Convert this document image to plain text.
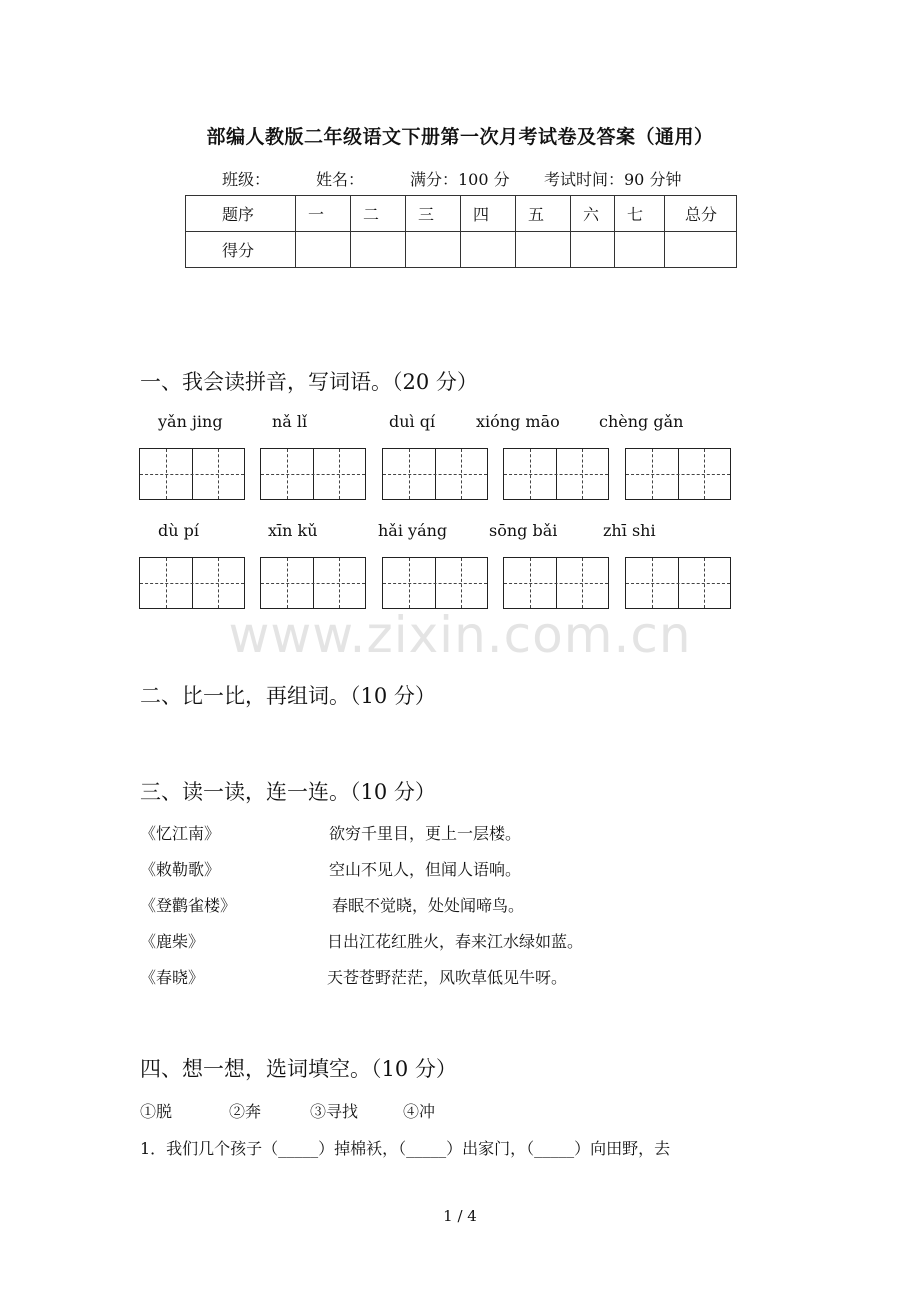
www.zixin.com.cn
部编人教版二年级语文下册第一次月考试卷及答案（通用）
班级：	姓名：	满分：100 分 考试时间：90 分钟
题序	一	二	三	四	五	六	七	总分
得分								
一、我会读拼音，写词语。（20 分）
yǎn jing	nǎ lǐ	duì qí	xióng māo chèng gǎn
dù pí	xīn kǔ	hǎi yáng	sōng bǎi	zhī shi
二、比一比，再组词。（10 分）
三、读一读，连一连。（10 分）
《忆江南》	欲穷千里目，更上一层楼。
《敕勒歌》	空山不见人，但闻人语响。
《登鹳雀楼》	春眠不觉晓，处处闻啼鸟。
《鹿柴》	日出江花红胜火，春来江水绿如蓝。
《春晓》	天苍苍野茫茫，风吹草低见牛呀。
四、想一想，选词填空。（10 分）
①脱	②奔	③寻找	④冲
1．我们几个孩子（_____）掉棉袄，（_____）出家门，（_____）向田野，去
1 / 4
